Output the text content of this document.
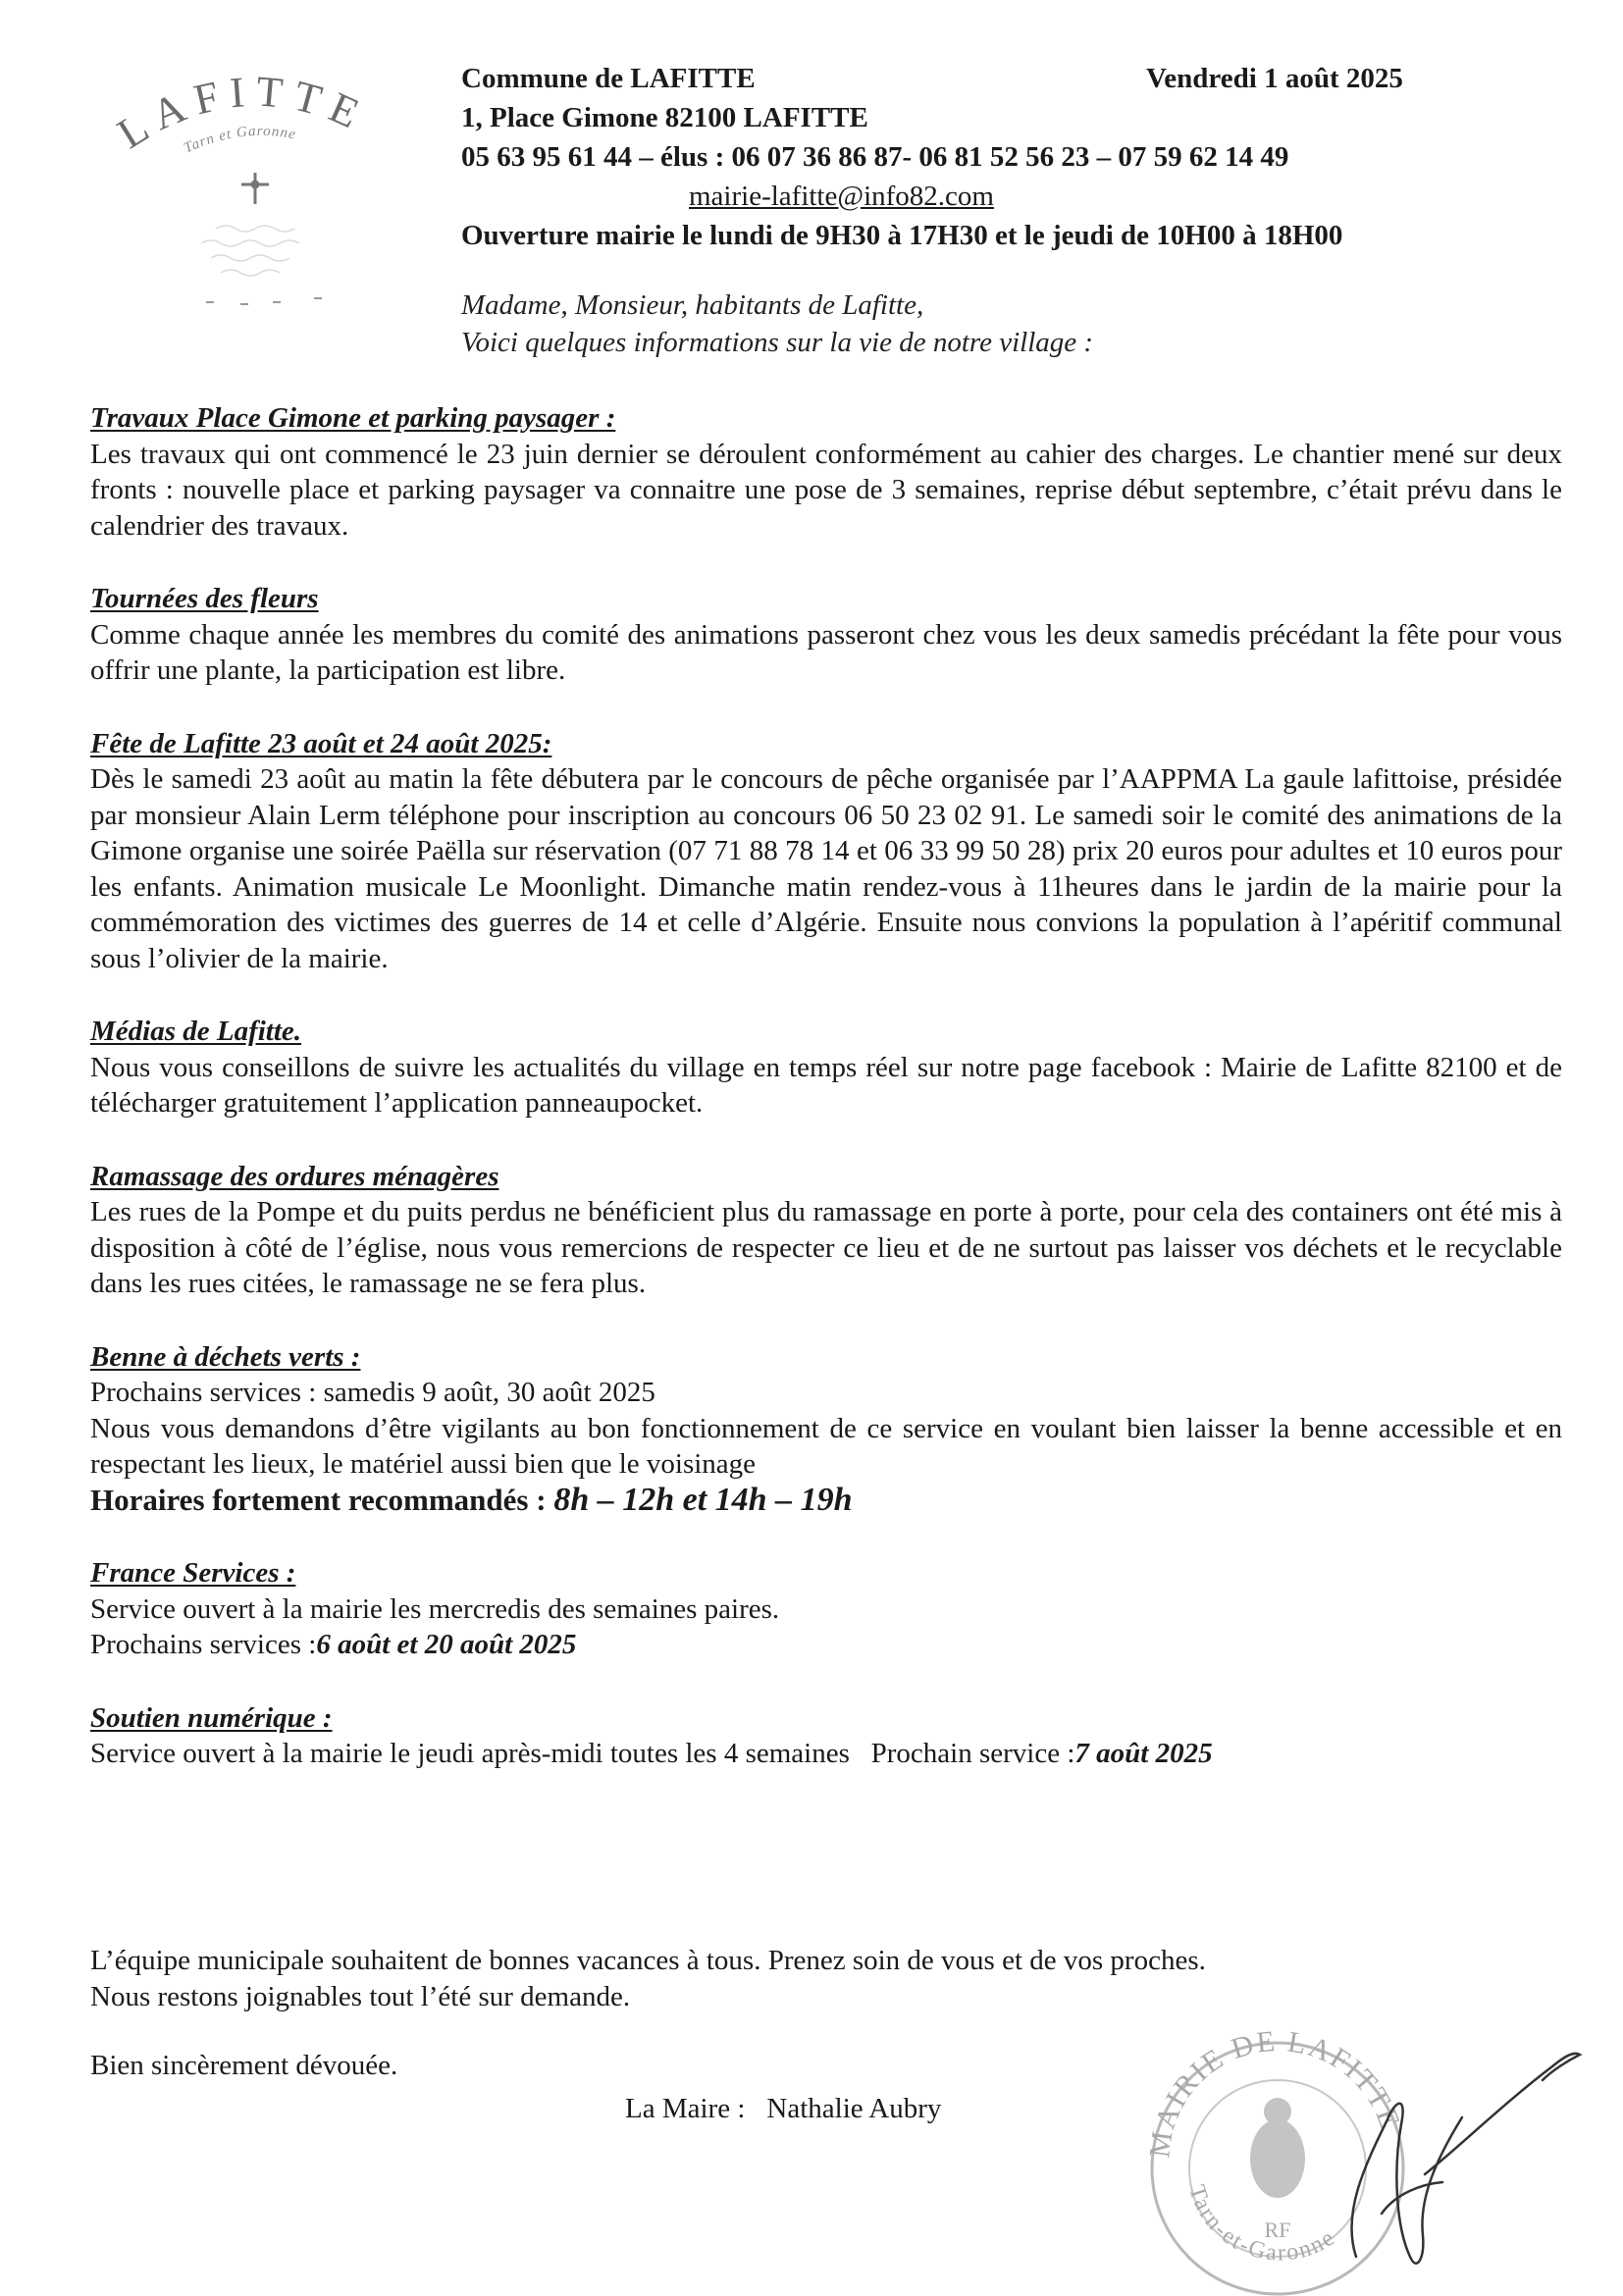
LAFITTE
Tarn et Garonne
Commune de LAFITTE	Vendredi 1 août 2025
1, Place Gimone 82100 LAFITTE
05 63 95 61 44 – élus : 06 07 36 86 87- 06 81 52 56 23 – 07 59 62 14 49
mairie-lafitte@info82.com
Ouverture mairie le lundi de 9H30 à 17H30 et le jeudi de 10H00 à 18H00
Madame, Monsieur, habitants de Lafitte,
Voici quelques informations sur la vie de notre village :
Travaux Place Gimone et parking paysager :
Les travaux qui ont commencé le 23 juin dernier se déroulent conformément au cahier des charges. Le chantier mené sur deux fronts : nouvelle place et parking paysager va connaitre une pose de 3 semaines, reprise début septembre, c’était prévu dans le calendrier des travaux.
Tournées des fleurs
Comme chaque année les membres du comité des animations passeront chez vous les deux samedis précédant la fête pour vous offrir une plante, la participation est libre.
Fête de Lafitte 23 août et 24 août 2025:
Dès le samedi 23 août au matin la fête débutera par le concours de pêche organisée par l’AAPPMA La gaule lafittoise, présidée par monsieur Alain Lerm téléphone pour inscription au concours 06 50 23 02 91. Le samedi soir le comité des animations de la Gimone organise une soirée Paëlla sur réservation (07 71 88 78 14 et 06 33 99 50 28) prix 20 euros pour adultes et 10 euros pour les enfants. Animation musicale Le Moonlight. Dimanche matin rendez-vous à 11heures dans le jardin de la mairie pour la commémoration des victimes des guerres de 14 et celle d’Algérie. Ensuite nous convions la population à l’apéritif communal sous l’olivier de la mairie.
Médias de Lafitte.
Nous vous conseillons de suivre les actualités du village en temps réel sur notre page facebook : Mairie de Lafitte 82100 et de télécharger gratuitement l’application panneaupocket.
Ramassage des ordures ménagères
Les rues de la Pompe et du puits perdus ne bénéficient plus du ramassage en porte à porte, pour cela des containers ont été mis à disposition à côté de l’église, nous vous remercions de respecter ce lieu et de ne surtout pas laisser vos déchets et le recyclable dans les rues citées, le ramassage ne se fera plus.
Benne à déchets verts :
Prochains services : samedis 9 août, 30 août 2025
Nous vous demandons d’être vigilants au bon fonctionnement de ce service en voulant bien laisser la benne accessible et en respectant les lieux, le matériel aussi bien que le voisinage
Horaires fortement recommandés : 8h – 12h et 14h – 19h
France Services :
Service ouvert à la mairie les mercredis des semaines paires.
Prochains services :6 août et 20 août 2025
Soutien numérique :
Service ouvert à la mairie le jeudi après-midi toutes les 4 semaines   Prochain service :7 août 2025
L’équipe municipale souhaitent de bonnes vacances à tous. Prenez soin de vous et de vos proches.
Nous restons joignables tout l’été sur demande.
Bien sincèrement dévouée.
La Maire : Nathalie Aubry
MAIRIE DE LAFITTE
Tarn-et-Garonne
RF
